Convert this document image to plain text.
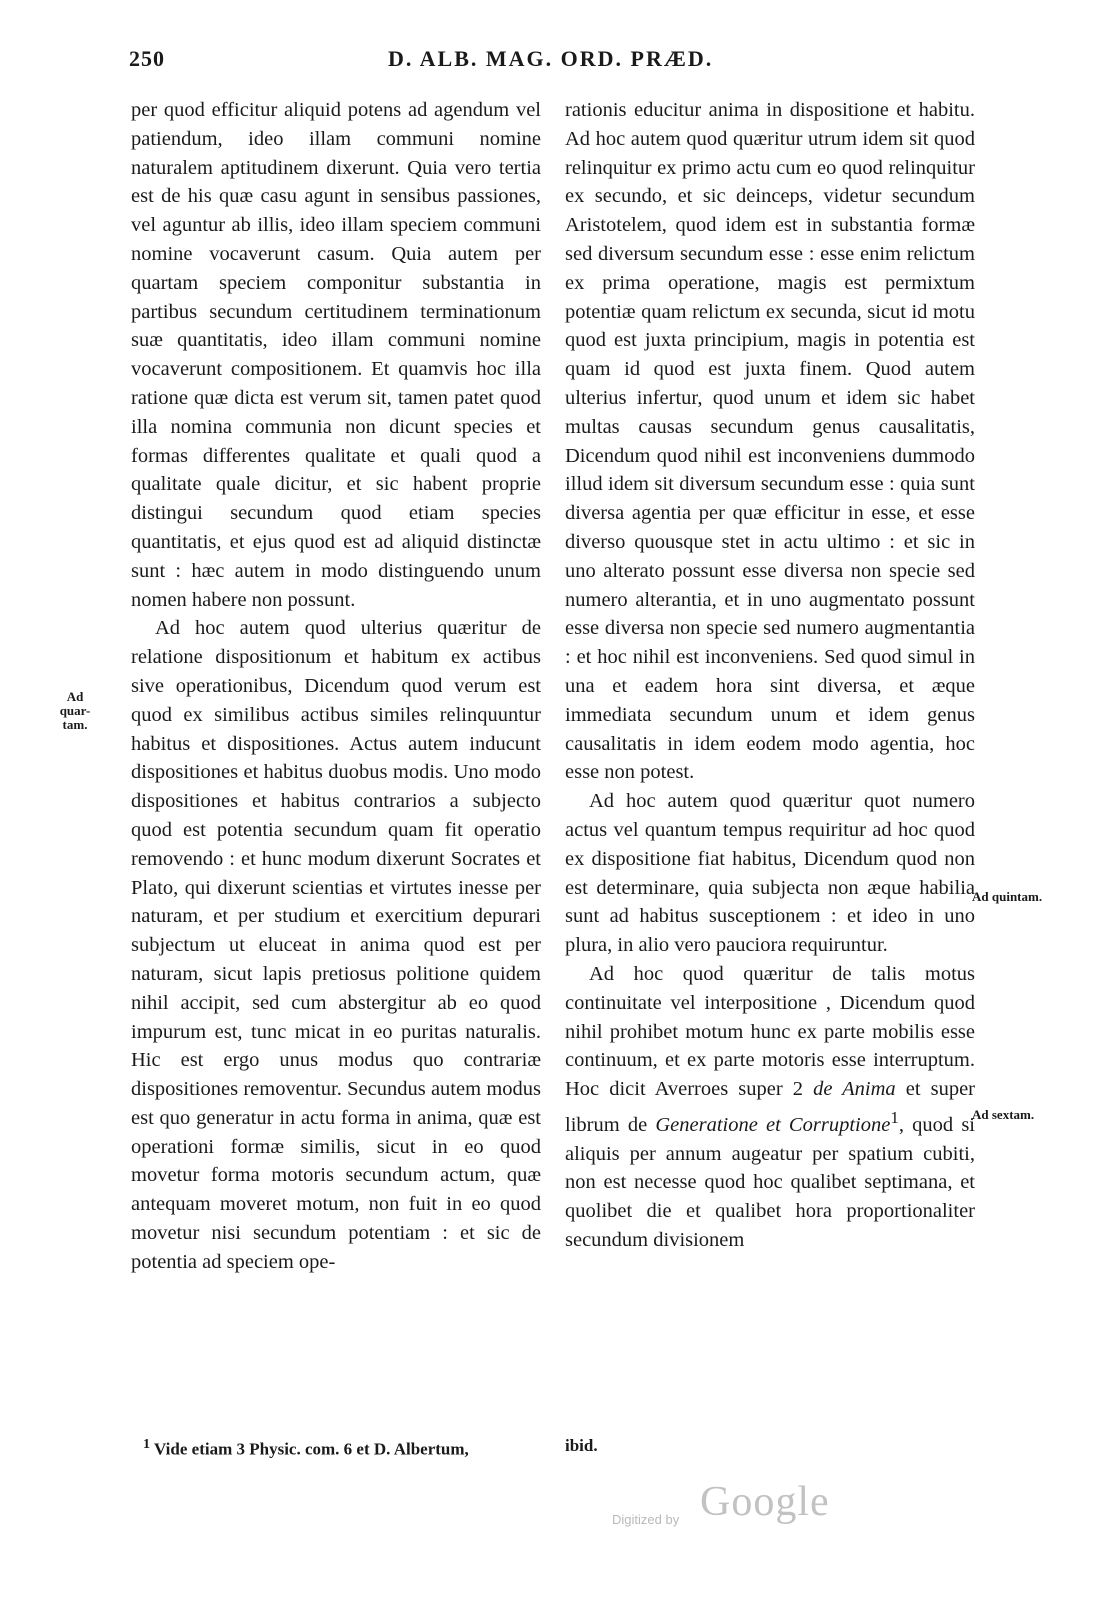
250	D. ALB. MAG. ORD. PRÆD.

per quod efficitur aliquid potens ad agendum vel patiendum, ideo illam communi nomine naturalem aptitudinem dixerunt. Quia vero tertia est de his quæ casu agunt in sensibus passiones, vel aguntur ab illis, ideo illam speciem communi nomine vocaverunt casum. Quia autem per quartam speciem componitur substantia in partibus secundum certitudinem terminationum suæ quantitatis, ideo illam communi nomine vocaverunt compositionem. Et quamvis hoc illa ratione quæ dicta est verum sit, tamen patet quod illa nomina communia non dicunt species et formas differentes qualitate et quali quod a qualitate quale dicitur, et sic habent proprie distingui secundum quod etiam species quantitatis, et ejus quod est ad aliquid distinctæ sunt : hæc autem in modo distinguendo unum nomen habere non possunt.

Ad hoc autem quod ulterius quæritur de relatione dispositionum et habitum ex actibus sive operationibus, Dicendum quod verum est quod ex similibus actibus similes relinquuntur habitus et dispositiones. Actus autem inducunt dispositiones et habitus duobus modis. Uno modo dispositiones et habitus contrarios a subjecto quod est potentia secundum quam fit operatio removendo : et hunc modum dixerunt Socrates et Plato, qui dixerunt scientias et virtutes inesse per naturam, et per studium et exercitium depurari subjectum ut eluceat in anima quod est per naturam, sicut lapis pretiosus politione quidem nihil accipit, sed cum abstergitur ab eo quod impurum est, tunc micat in eo puritas naturalis. Hic est ergo unus modus quo contrariæ dispositiones removentur. Secundus autem modus est quo generatur in actu forma in anima, quæ est operationi formæ similis, sicut in eo quod movetur forma motoris secundum actum, quæ antequam moveret motum, non fuit in eo quod movetur nisi secundum potentiam : et sic de potentia ad speciem ope-

rationis educitur anima in dispositione et habitu. Ad hoc autem quod quæritur utrum idem sit quod relinquitur ex primo actu cum eo quod relinquitur ex secundo, et sic deinceps, videtur secundum Aristotelem, quod idem est in substantia formæ sed diversum secundum esse : esse enim relictum ex prima operatione, magis est permixtum potentiæ quam relictum ex secunda, sicut id motu quod est juxta principium, magis in potentia est quam id quod est juxta finem. Quod autem ulterius infertur, quod unum et idem sic habet multas causas secundum genus causalitatis, Dicendum quod nihil est inconveniens dummodo illud idem sit diversum secundum esse : quia sunt diversa agentia per quæ efficitur in esse, et esse diverso quousque stet in actu ultimo : et sic in uno alterato possunt esse diversa non specie sed numero alterantia, et in uno augmentato possunt esse diversa non specie sed numero augmentantia : et hoc nihil est inconveniens. Sed quod simul in una et eadem hora sint diversa, et æque immediata secundum unum et idem genus causalitatis in idem eodem modo agentia, hoc esse non potest.

Ad hoc autem quod quæritur quot numero actus vel quantum tempus requiritur ad hoc quod ex dispositione fiat habitus, Dicendum quod non est determinare, quia subjecta non æque habilia sunt ad habitus susceptionem : et ideo in uno plura, in alio vero pauciora requiruntur.

Ad hoc quod quæritur de talis motus continuitate vel interpositione , Dicendum quod nihil prohibet motum hunc ex parte mobilis esse continuum, et ex parte motoris esse interruptum. Hoc dicit Averroes super 2 de Anima et super librum de Generatione et Corruptione$^1$, quod si aliquis per annum augeatur per spatium cubiti, non est necesse quod hoc qualibet septimana, et quolibet die et qualibet hora proportionaliter secundum divisionem

Ad quar-
tam.
Ad quintam.
Ad sextam.
$^1$ Vide etiam 3 Physic. com. 6 et D. Albertum,	ibid.
Digitized by Google
